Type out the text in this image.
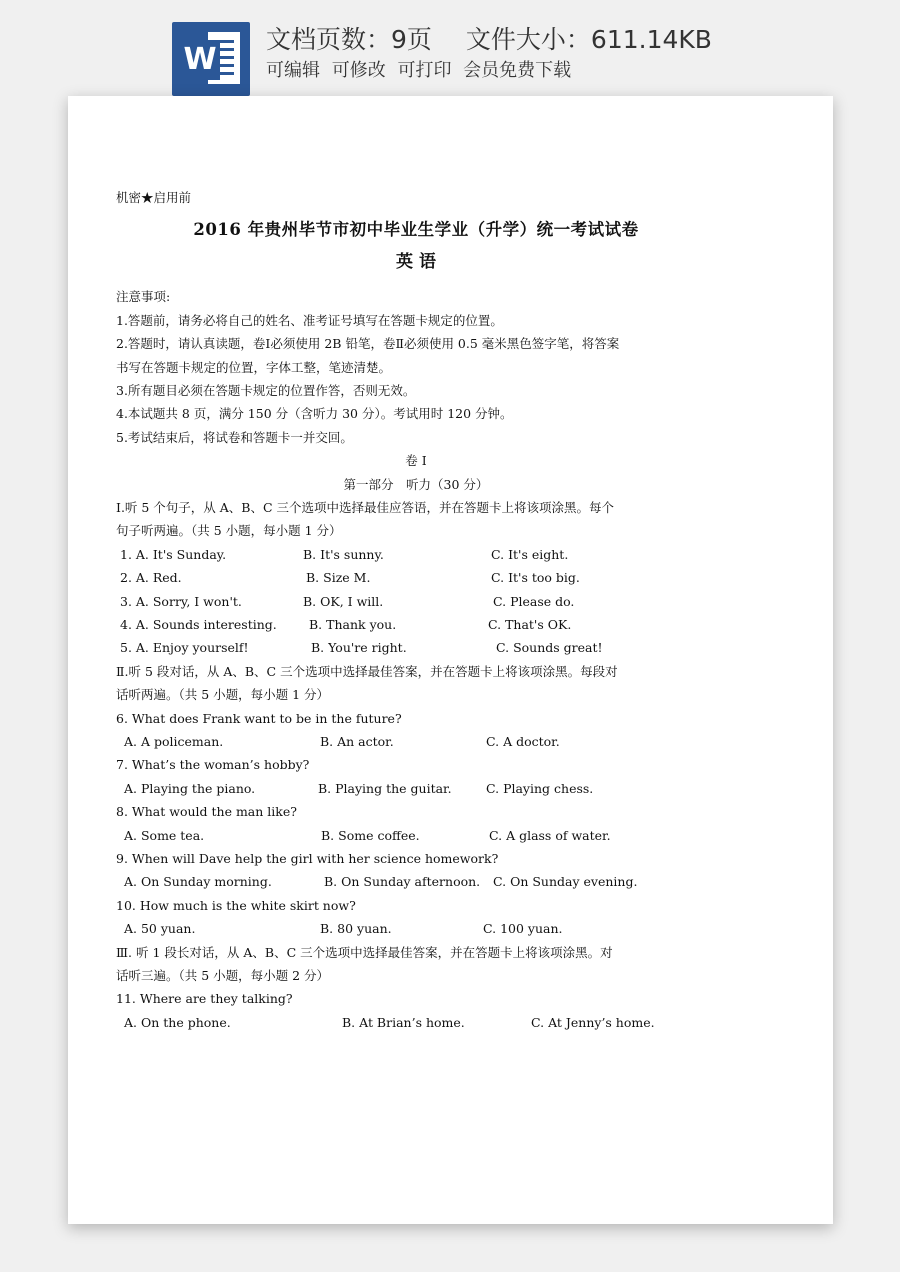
W
文档页数：9页 文件大小：611.14KB
可编辑 可修改 可打印 会员免费下载
机密★启用前
2016 年贵州毕节市初中毕业生学业（升学）统一考试试卷
英 语
注意事项:
1.答题前，请务必将自己的姓名、准考证号填写在答题卡规定的位置。
2.答题时，请认真读题，卷Ⅰ必须使用 2B 铅笔，卷Ⅱ必须使用 0.5 毫米黑色签字笔，将答案
书写在答题卡规定的位置，字体工整，笔迹清楚。
3.所有题目必须在答题卡规定的位置作答，否则无效。
4.本试题共 8 页，满分 150 分（含听力 30 分）。考试用时 120 分钟。
5.考试结束后，将试卷和答题卡一并交回。
卷 Ⅰ
第一部分　听力（30 分）
Ⅰ.听 5 个句子，从 A、B、C 三个选项中选择最佳应答语，并在答题卡上将该项涂黑。每个
句子听两遍。（共 5 小题，每小题 1 分）
1. A. It's Sunday.	B. It's sunny.	C. It's eight.
2. A. Red.	B. Size M.	C. It's too big.
3. A. Sorry, I won't.	B. OK, I will.	C. Please do.
4. A. Sounds interesting.	B. Thank you.	C. That's OK.
5. A. Enjoy yourself!	B. You're right.	C. Sounds great!
Ⅱ.听 5 段对话，从 A、B、C 三个选项中选择最佳答案，并在答题卡上将该项涂黑。每段对
话听两遍。（共 5 小题，每小题 1 分）
6. What does Frank want to be in the future?
A. A policeman.	B. An actor.	C. A doctor.
7. What’s the woman’s hobby?
A. Playing the piano.	B. Playing the guitar.	C. Playing chess.
8. What would the man like?
A. Some tea.	B. Some coffee.	C. A glass of water.
9. When will Dave help the girl with her science homework?
A. On Sunday morning.	B. On Sunday afternoon. C. On Sunday evening.
10. How much is the white skirt now?
A. 50 yuan.	B. 80 yuan.	C. 100 yuan.
Ⅲ. 听 1 段长对话，从 A、B、C 三个选项中选择最佳答案，并在答题卡上将该项涂黑。对
话听三遍。（共 5 小题，每小题 2 分）
11. Where are they talking?
A. On the phone.	B. At Brian’s home.	C. At Jenny’s home.
